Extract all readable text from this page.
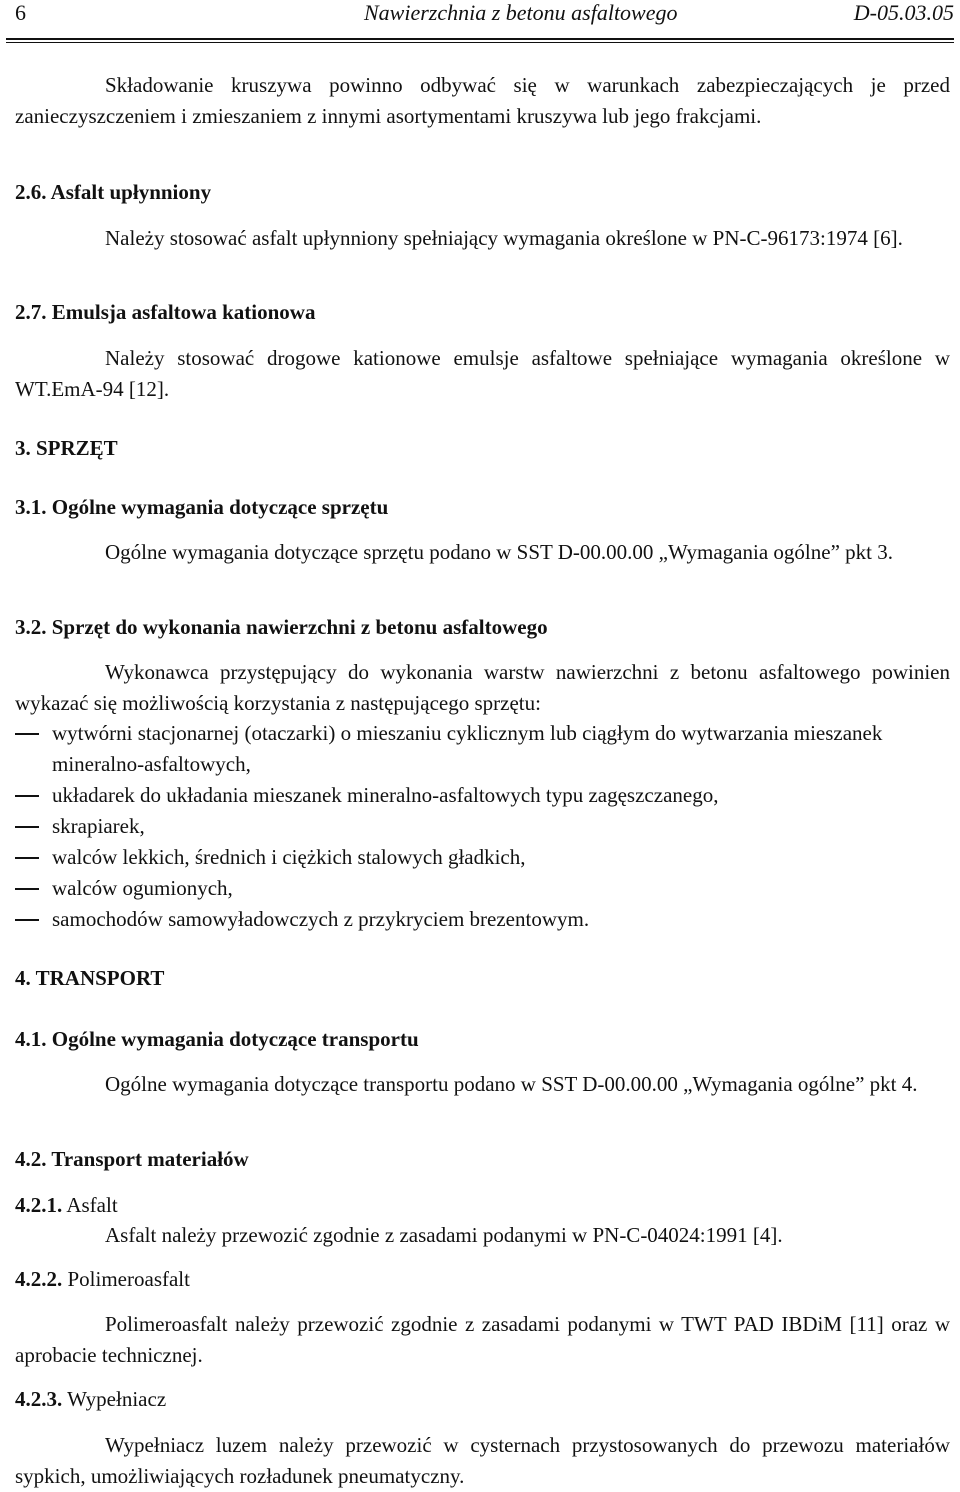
6	Nawierzchnia z betonu asfaltowego	D-05.03.05
Składowanie kruszywa powinno odbywać się w warunkach zabezpieczających je przed zanieczyszczeniem i zmieszaniem z innymi asortymentami kruszywa lub jego frakcjami.
2.6. Asfalt upłynniony
Należy stosować asfalt upłynniony spełniający wymagania określone w PN-C-96173:1974 [6].
2.7. Emulsja asfaltowa kationowa
Należy stosować drogowe kationowe emulsje asfaltowe spełniające wymagania określone w WT.EmA-94 [12].
3. SPRZĘT
3.1. Ogólne wymagania dotyczące sprzętu
Ogólne wymagania dotyczące sprzętu podano w SST D-00.00.00 „Wymagania ogólne” pkt 3.
3.2. Sprzęt do wykonania nawierzchni z betonu asfaltowego
Wykonawca przystępujący do wykonania warstw nawierzchni z betonu asfaltowego powinien wykazać się możliwością korzystania z następującego sprzętu:
wytwórni stacjonarnej (otaczarki) o mieszaniu cyklicznym lub ciągłym do wytwarzania mieszanek mineralno-asfaltowych,
układarek do układania mieszanek mineralno-asfaltowych typu zagęszczanego,
skrapiarek,
walców lekkich, średnich i ciężkich stalowych gładkich,
walców ogumionych,
samochodów samowyładowczych z przykryciem brezentowym.
4. TRANSPORT
4.1. Ogólne wymagania dotyczące transportu
Ogólne wymagania dotyczące transportu podano w SST D-00.00.00 „Wymagania ogólne” pkt 4.
4.2. Transport materiałów
4.2.1. Asfalt
Asfalt należy przewozić zgodnie z zasadami podanymi w PN-C-04024:1991 [4].
4.2.2. Polimeroasfalt
Polimeroasfalt należy przewozić zgodnie z zasadami podanymi w TWT PAD IBDiM [11] oraz w aprobacie technicznej.
4.2.3. Wypełniacz
Wypełniacz luzem należy przewozić w cysternach przystosowanych do przewozu materiałów sypkich, umożliwiających rozładunek pneumatyczny.
